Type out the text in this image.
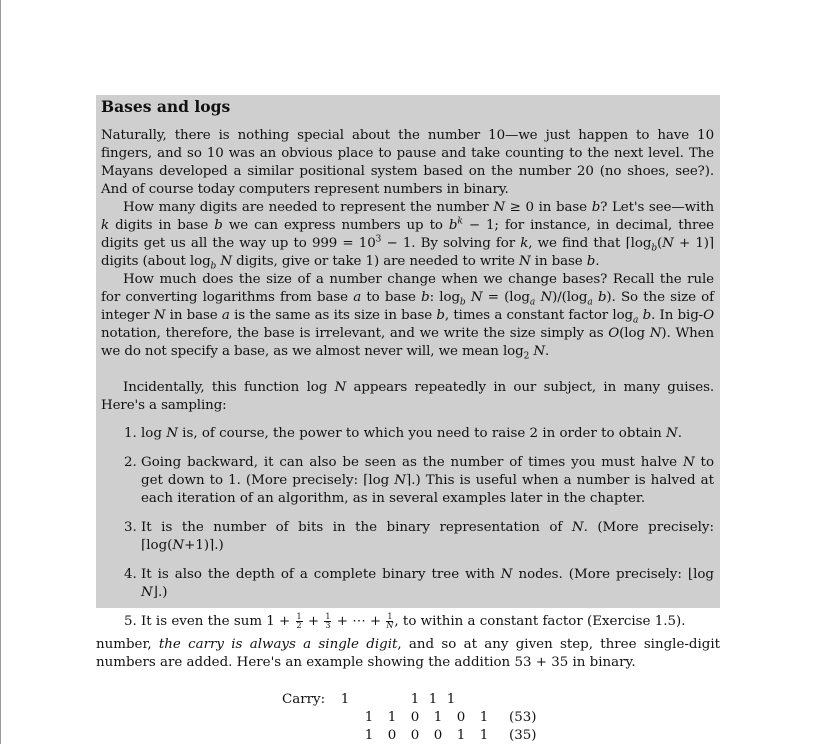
Bases and logs

Naturally, there is nothing special about the number 10—we just happen to have 10 fingers, and so 10 was an obvious place to pause and take counting to the next level. The Mayans developed a similar positional system based on the number 20 (no shoes, see?). And of course today computers represent numbers in binary.

How many digits are needed to represent the number N ≥ 0 in base b? Let's see—with k digits in base b we can express numbers up to $b^k - 1$; for instance, in decimal, three digits get us all the way up to $999 = 10^3 - 1$. By solving for k, we find that $⌈\log_b(N$ + 1)⌉ digits (about $\log_b N$ digits, give or take 1) are needed to write N in base b.

How much does the size of a number change when we change bases? Recall the rule for converting logarithms from base a to base b: $\log_b N = (\log_a$ $N)/(\log_a$ b). So the size of integer N in base a is the same as its size in base b, times a constant factor $\log_a b$. In big-O notation, therefore, the base is irrelevant, and we write the size simply as O(log N). When we do not specify a base, as we almost never will, we mean $\log_2 N$.

Incidentally, this function log N appears repeatedly in our subject, in many guises. Here's a sampling:

1. log N is, of course, the power to which you need to raise 2 in order to obtain N.
2. Going backward, it can also be seen as the number of times you must halve N to get down to 1. (More precisely: ⌈log N⌉.) This is useful when a number is halved at each iteration of an algorithm, as in several examples later in the chapter.
3. It is the number of bits in the binary representation of N. (More precisely: ⌈log(N+1)⌉.)
4. It is also the depth of a complete binary tree with N nodes. (More precisely: ⌊log N⌋.)
5. It is even the sum $1 + \frac{1}{2} + \frac{1}{3}$ + ⋯ + $\frac{1}{N}$ , to within a constant factor (Exercise 1.5).

number, the carry is always a single digit, and so at any given step, three single-digit numbers are added. Here's an example showing the addition 53 + 35 in binary.

Carry: 1	1 1 1
1 1 0 1 0 1 (53)
1 0 0 0 1 1 (35)
